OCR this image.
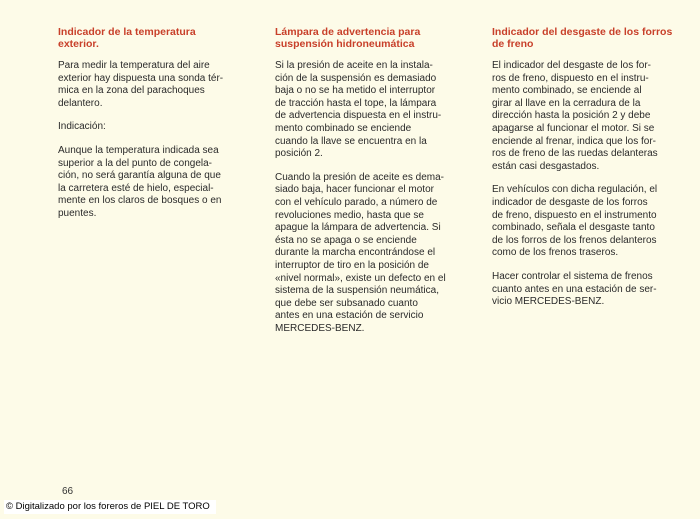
Indicador de la temperatura
exterior.
Para medir la temperatura del aire
exterior hay dispuesta una sonda tér-
mica en la zona del parachoques
delantero.
Indicación:
Aunque la temperatura indicada sea
superior a la del punto de congela-
ción, no será garantía alguna de que
la carretera esté de hielo, especial-
mente en los claros de bosques o en
puentes.
Lámpara de advertencia para
suspensión hidroneumática
Si la presión de aceite en la instala-
ción de la suspensión es demasiado
baja o no se ha metido el interruptor
de tracción hasta el tope, la lámpara
de advertencia dispuesta en el instru-
mento combinado se enciende
cuando la llave se encuentra en la
posición 2.
Cuando la presión de aceite es dema-
siado baja, hacer funcionar el motor
con el vehículo parado, a número de
revoluciones medio, hasta que se
apague la lámpara de advertencia. Si
éstа no se apaga o se enciende
durante la marcha encontrándose el
interruptor de tiro en la posición de
«nivel normal», existe un defecto en el
sistema de la suspensión neumática,
que debe ser subsanado cuanto
antes en una estación de servicio
MERCEDES-BENZ.
Indicador del desgaste de los forros
de freno
El indicador del desgaste de los for-
ros de freno, dispuesto en el instru-
mento combinado, se enciende al
girar al llave en la cerradura de la
dirección hasta la posición 2 y debe
apagarse al funcionar el motor. Si se
enciende al frenar, indica que los for-
ros de freno de las ruedas delanteras
están casi desgastados.
En vehículos con dicha regulación, el
indicador de desgaste de los forros
de freno, dispuesto en el instrumento
combinado, señala el desgaste tanto
de los forros de los frenos delanteros
como de los frenos traseros.
Hacer controlar el sistema de frenos
cuanto antes en una estación de ser-
vicio MERCEDES-BENZ.
66
© Digitalizado por los foreros de PIEL DE TORO
